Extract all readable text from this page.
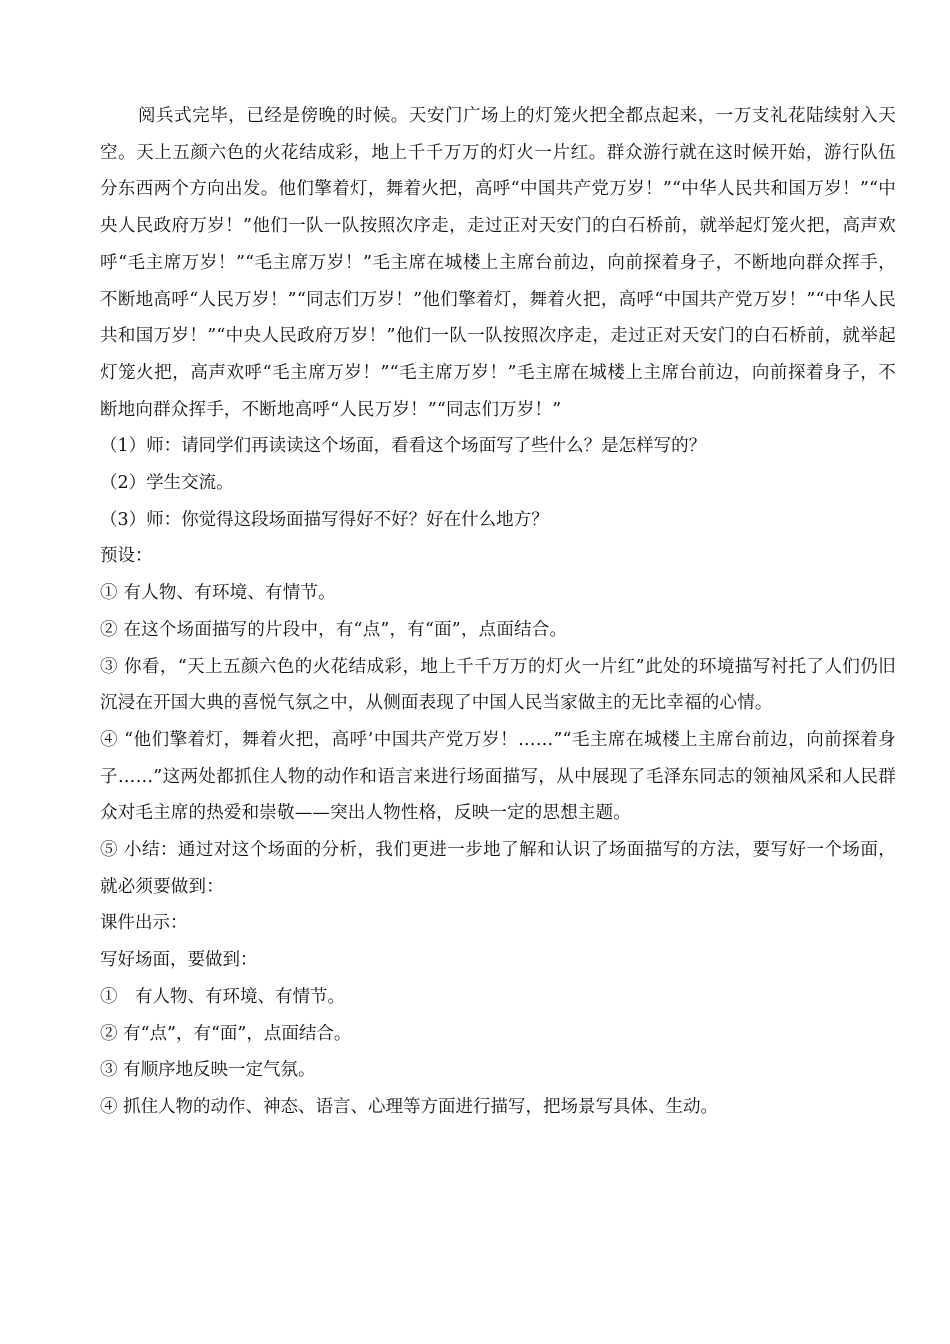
阅兵式完毕，已经是傍晚的时候。天安门广场上的灯笼火把全都点起来，一万支礼花陆续射入天空。天上五颜六色的火花结成彩，地上千千万万的灯火一片红。群众游行就在这时候开始，游行队伍分东西两个方向出发。他们擎着灯，舞着火把，高呼“中国共产党万岁！”“中华人民共和国万岁！”“中央人民政府万岁！”他们一队一队按照次序走，走过正对天安门的白石桥前，就举起灯笼火把，高声欢呼“毛主席万岁！”“毛主席万岁！”毛主席在城楼上主席台前边，向前探着身子，不断地向群众挥手，不断地高呼“人民万岁！”“同志们万岁！”他们擎着灯，舞着火把，高呼“中国共产党万岁！”“中华人民共和国万岁！”“中央人民政府万岁！”他们一队一队按照次序走，走过正对天安门的白石桥前，就举起灯笼火把，高声欢呼“毛主席万岁！”“毛主席万岁！”毛主席在城楼上主席台前边，向前探着身子，不断地向群众挥手，不断地高呼“人民万岁！”“同志们万岁！”

（1）师：请同学们再读读这个场面，看看这个场面写了些什么？是怎样写的？

（2）学生交流。

（3）师：你觉得这段场面描写得好不好？好在什么地方？

预设：

① 有人物、有环境、有情节。

② 在这个场面描写的片段中，有“点”，有“面”，点面结合。

③ 你看，“天上五颜六色的火花结成彩，地上千千万万的灯火一片红”此处的环境描写衬托了人们仍旧沉浸在开国大典的喜悦气氛之中，从侧面表现了中国人民当家做主的无比幸福的心情。

④ “他们擎着灯，舞着火把，高呼’中国共产党万岁！……”“毛主席在城楼上主席台前边，向前探着身子……”这两处都抓住人物的动作和语言来进行场面描写，从中展现了毛泽东同志的领袖风采和人民群众对毛主席的热爱和崇敬——突出人物性格，反映一定的思想主题。

⑤ 小结：通过对这个场面的分析，我们更进一步地了解和认识了场面描写的方法，要写好一个场面，就必须要做到：

课件出示：

写好场面，要做到：

①　有人物、有环境、有情节。

② 有“点”，有“面”，点面结合。

③ 有顺序地反映一定气氛。

④ 抓住人物的动作、神态、语言、心理等方面进行描写，把场景写具体、生动。
